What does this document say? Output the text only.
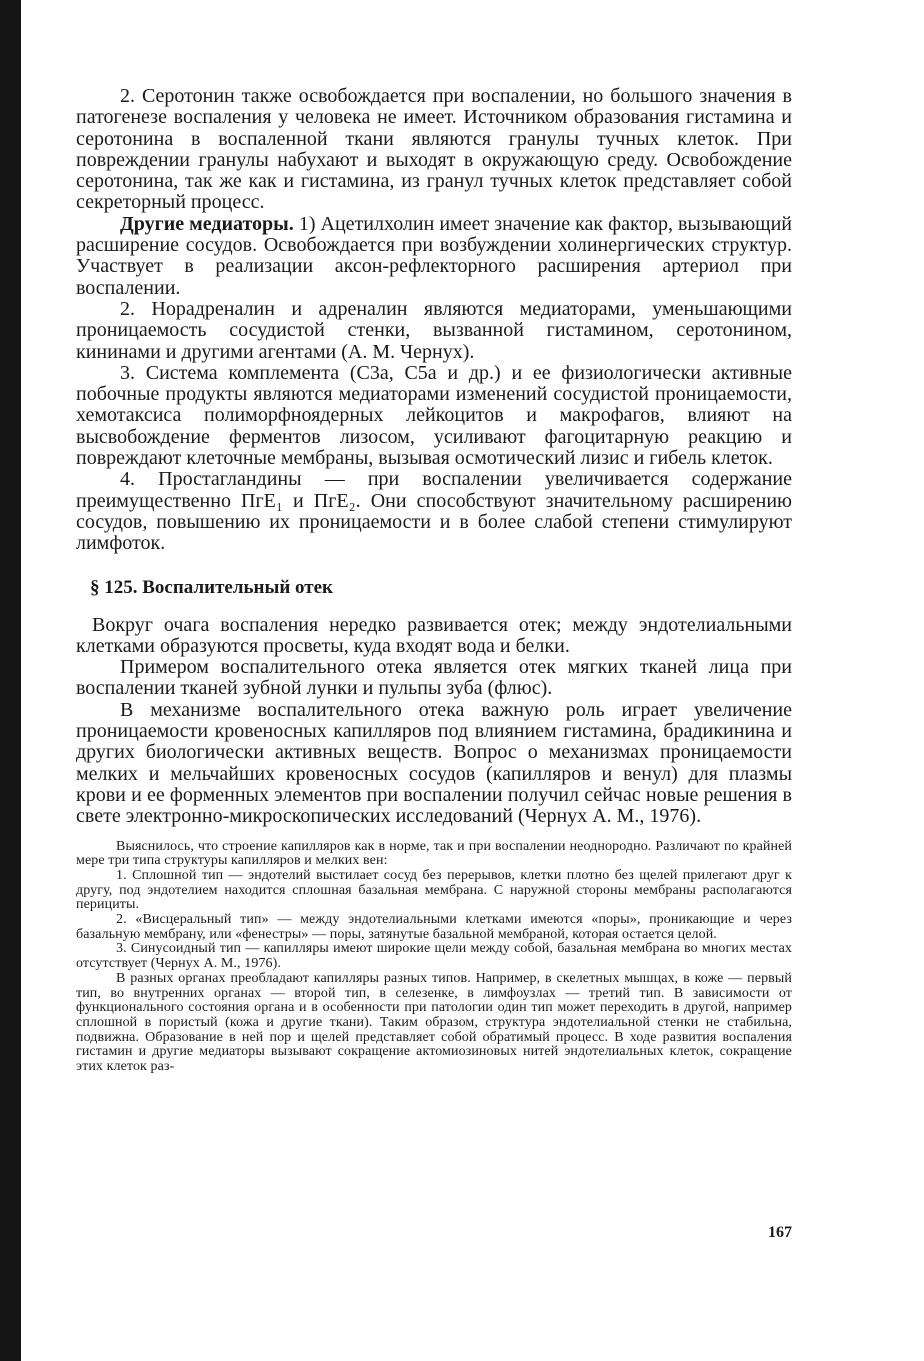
2. Серотонин также освобождается при воспалении, но большого значения в патогенезе воспаления у человека не имеет. Источником образования гистамина и серотонина в воспаленной ткани являются гранулы тучных клеток. При повреждении гранулы набухают и выходят в окружающую среду. Освобождение серотонина, так же как и гистамина, из гранул тучных клеток представляет собой секреторный процесс.

Другие медиаторы. 1) Ацетилхолин имеет значение как фактор, вызывающий расширение сосудов. Освобождается при возбуждении холинергических структур. Участвует в реализации аксон-рефлекторного расширения артериол при воспалении.

2. Норадреналин и адреналин являются медиаторами, уменьшающими проницаемость сосудистой стенки, вызванной гистамином, серотонином, кининами и другими агентами (А. М. Чернух).

3. Система комплемента (С3а, С5а и др.) и ее физиологически активные побочные продукты являются медиаторами изменений сосудистой проницаемости, хемотаксиса полиморфноядерных лейкоцитов и макрофагов, влияют на высвобождение ферментов лизосом, усиливают фагоцитарную реакцию и повреждают клеточные мембраны, вызывая осмотический лизис и гибель клеток.

4. Простагландины — при воспалении увеличивается содержание преимущественно ПгЕ₁ и ПгЕ₂. Они способствуют значительному расширению сосудов, повышению их проницаемости и в более слабой степени стимулируют лимфоток.

§ 125. Воспалительный отек

Вокруг очага воспаления нередко развивается отек; между эндотелиальными клетками образуются просветы, куда входят вода и белки.

Примером воспалительного отека является отек мягких тканей лица при воспалении тканей зубной лунки и пульпы зуба (флюс).

В механизме воспалительного отека важную роль играет увеличение проницаемости кровеносных капилляров под влиянием гистамина, брадикинина и других биологически активных веществ. Вопрос о механизмах проницаемости мелких и мельчайших кровеносных сосудов (капилляров и венул) для плазмы крови и ее форменных элементов при воспалении получил сейчас новые решения в свете электронно-микроскопических исследований (Чернух А. М., 1976).

Выяснилось, что строение капилляров как в норме, так и при воспалении неоднородно. Различают по крайней мере три типа структуры капилляров и мелких вен:

1. Сплошной тип — эндотелий выстилает сосуд без перерывов, клетки плотно без щелей прилегают друг к другу, под эндотелием находится сплошная базальная мембрана. С наружной стороны мембраны располагаются перициты.

2. «Висцеральный тип» — между эндотелиальными клетками имеются «поры», проникающие и через базальную мембрану, или «фенестры» — поры, затянутые базальной мембраной, которая остается целой.

3. Синусоидный тип — капилляры имеют широкие щели между собой, базальная мембрана во многих местах отсутствует (Чернух А. М., 1976).

В разных органах преобладают капилляры разных типов. Например, в скелетных мышцах, в коже — первый тип, во внутренних органах — второй тип, в селезенке, в лимфоузлах — третий тип. В зависимости от функционального состояния органа и в особенности при патологии один тип может переходить в другой, например сплошной в пористый (кожа и другие ткани). Таким образом, структура эндотелиальной стенки не стабильна, подвижна. Образование в ней пор и щелей представляет собой обратимый процесс. В ходе развития воспаления гистамин и другие медиаторы вызывают сокращение актомиозиновых нитей эндотелиальных клеток, сокращение этих клеток раз-

167
